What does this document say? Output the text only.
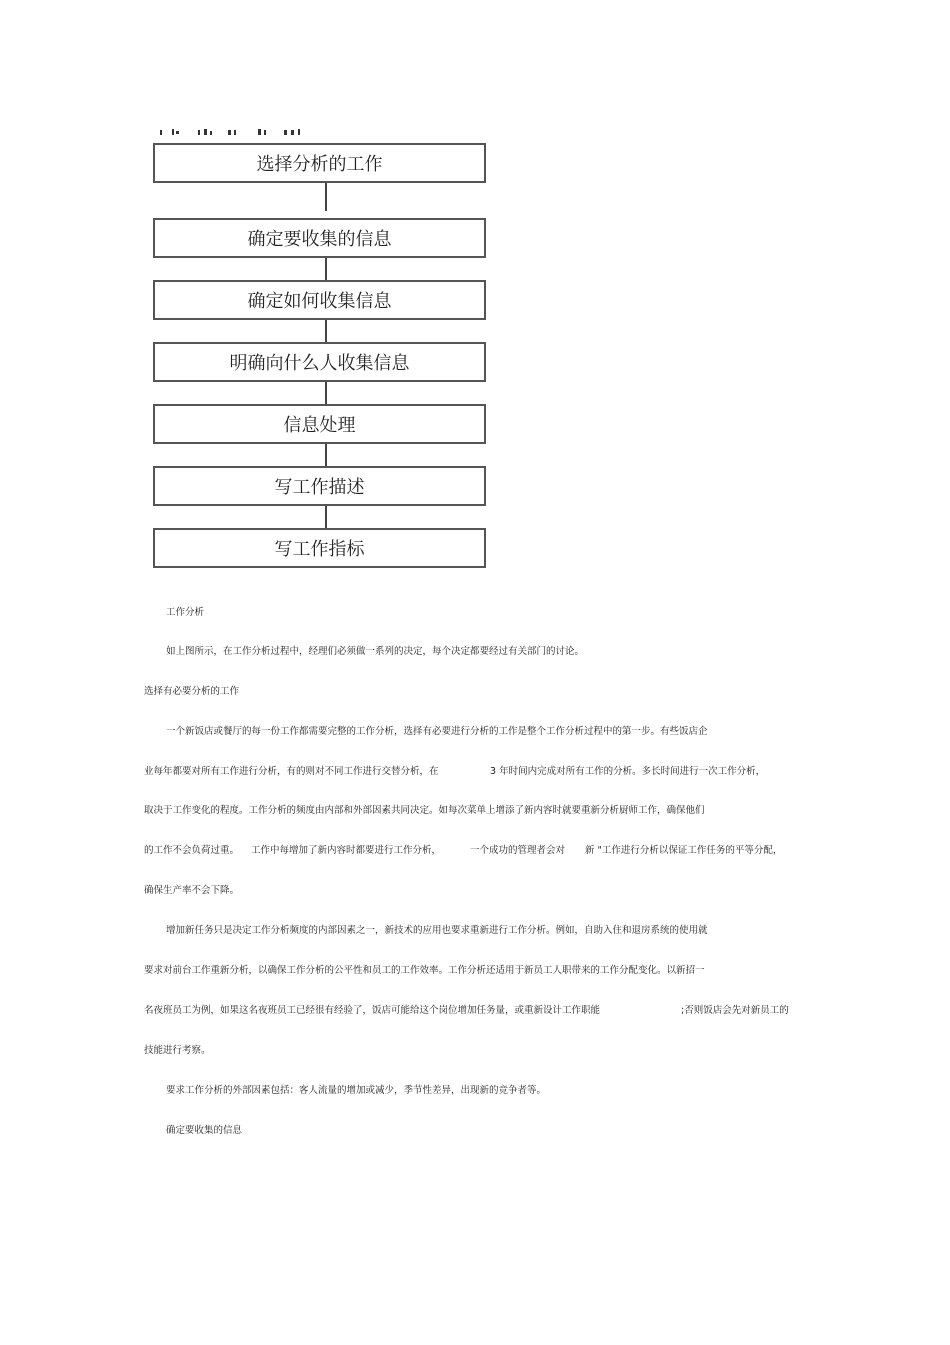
选择分析的工作
确定要收集的信息
确定如何收集信息
明确向什么人收集信息
信息处理
写工作描述
写工作指标
工作分析
如上图所示，在工作分析过程中，经理们必须做一系列的决定，每个决定都要经过有关部门的讨论。
选择有必要分析的工作
一个新饭店或餐厅的每一份工作都需要完整的工作分析，选择有必要进行分析的工作是整个工作分析过程中的第一步。有些饭店企
业每年都要对所有工作进行分析，有的则对不同工作进行交替分析，在	3 年时间内完成对所有工作的分析。多长时间进行一次工作分析，
取决于工作变化的程度。工作分析的频度由内部和外部因素共同决定。如每次菜单上增添了新内容时就要重新分析厨师工作，确保他们
的工作不会负荷过重。 工作中每增加了新内容时都要进行工作分析，	一个成功的管理者会对 新 "工作进行分析以保证工作任务的平等分配，
确保生产率不会下降。
增加新任务只是决定工作分析频度的内部因素之一，新技术的应用也要求重新进行工作分析。例如，自助入住和退房系统的使用就
要求对前台工作重新分析，以确保工作分析的公平性和员工的工作效率。工作分析还适用于新员工人职带来的工作分配变化。以新招一
名夜班员工为例，如果这名夜班员工已经很有经验了，饭店可能给这个岗位增加任务量，或重新设计工作职能	;否则饭店会先对新员工的
技能进行考察。
要求工作分析的外部因素包括：客人流量的增加或减少，季节性差异，出现新的竞争者等。
确定要收集的信息
